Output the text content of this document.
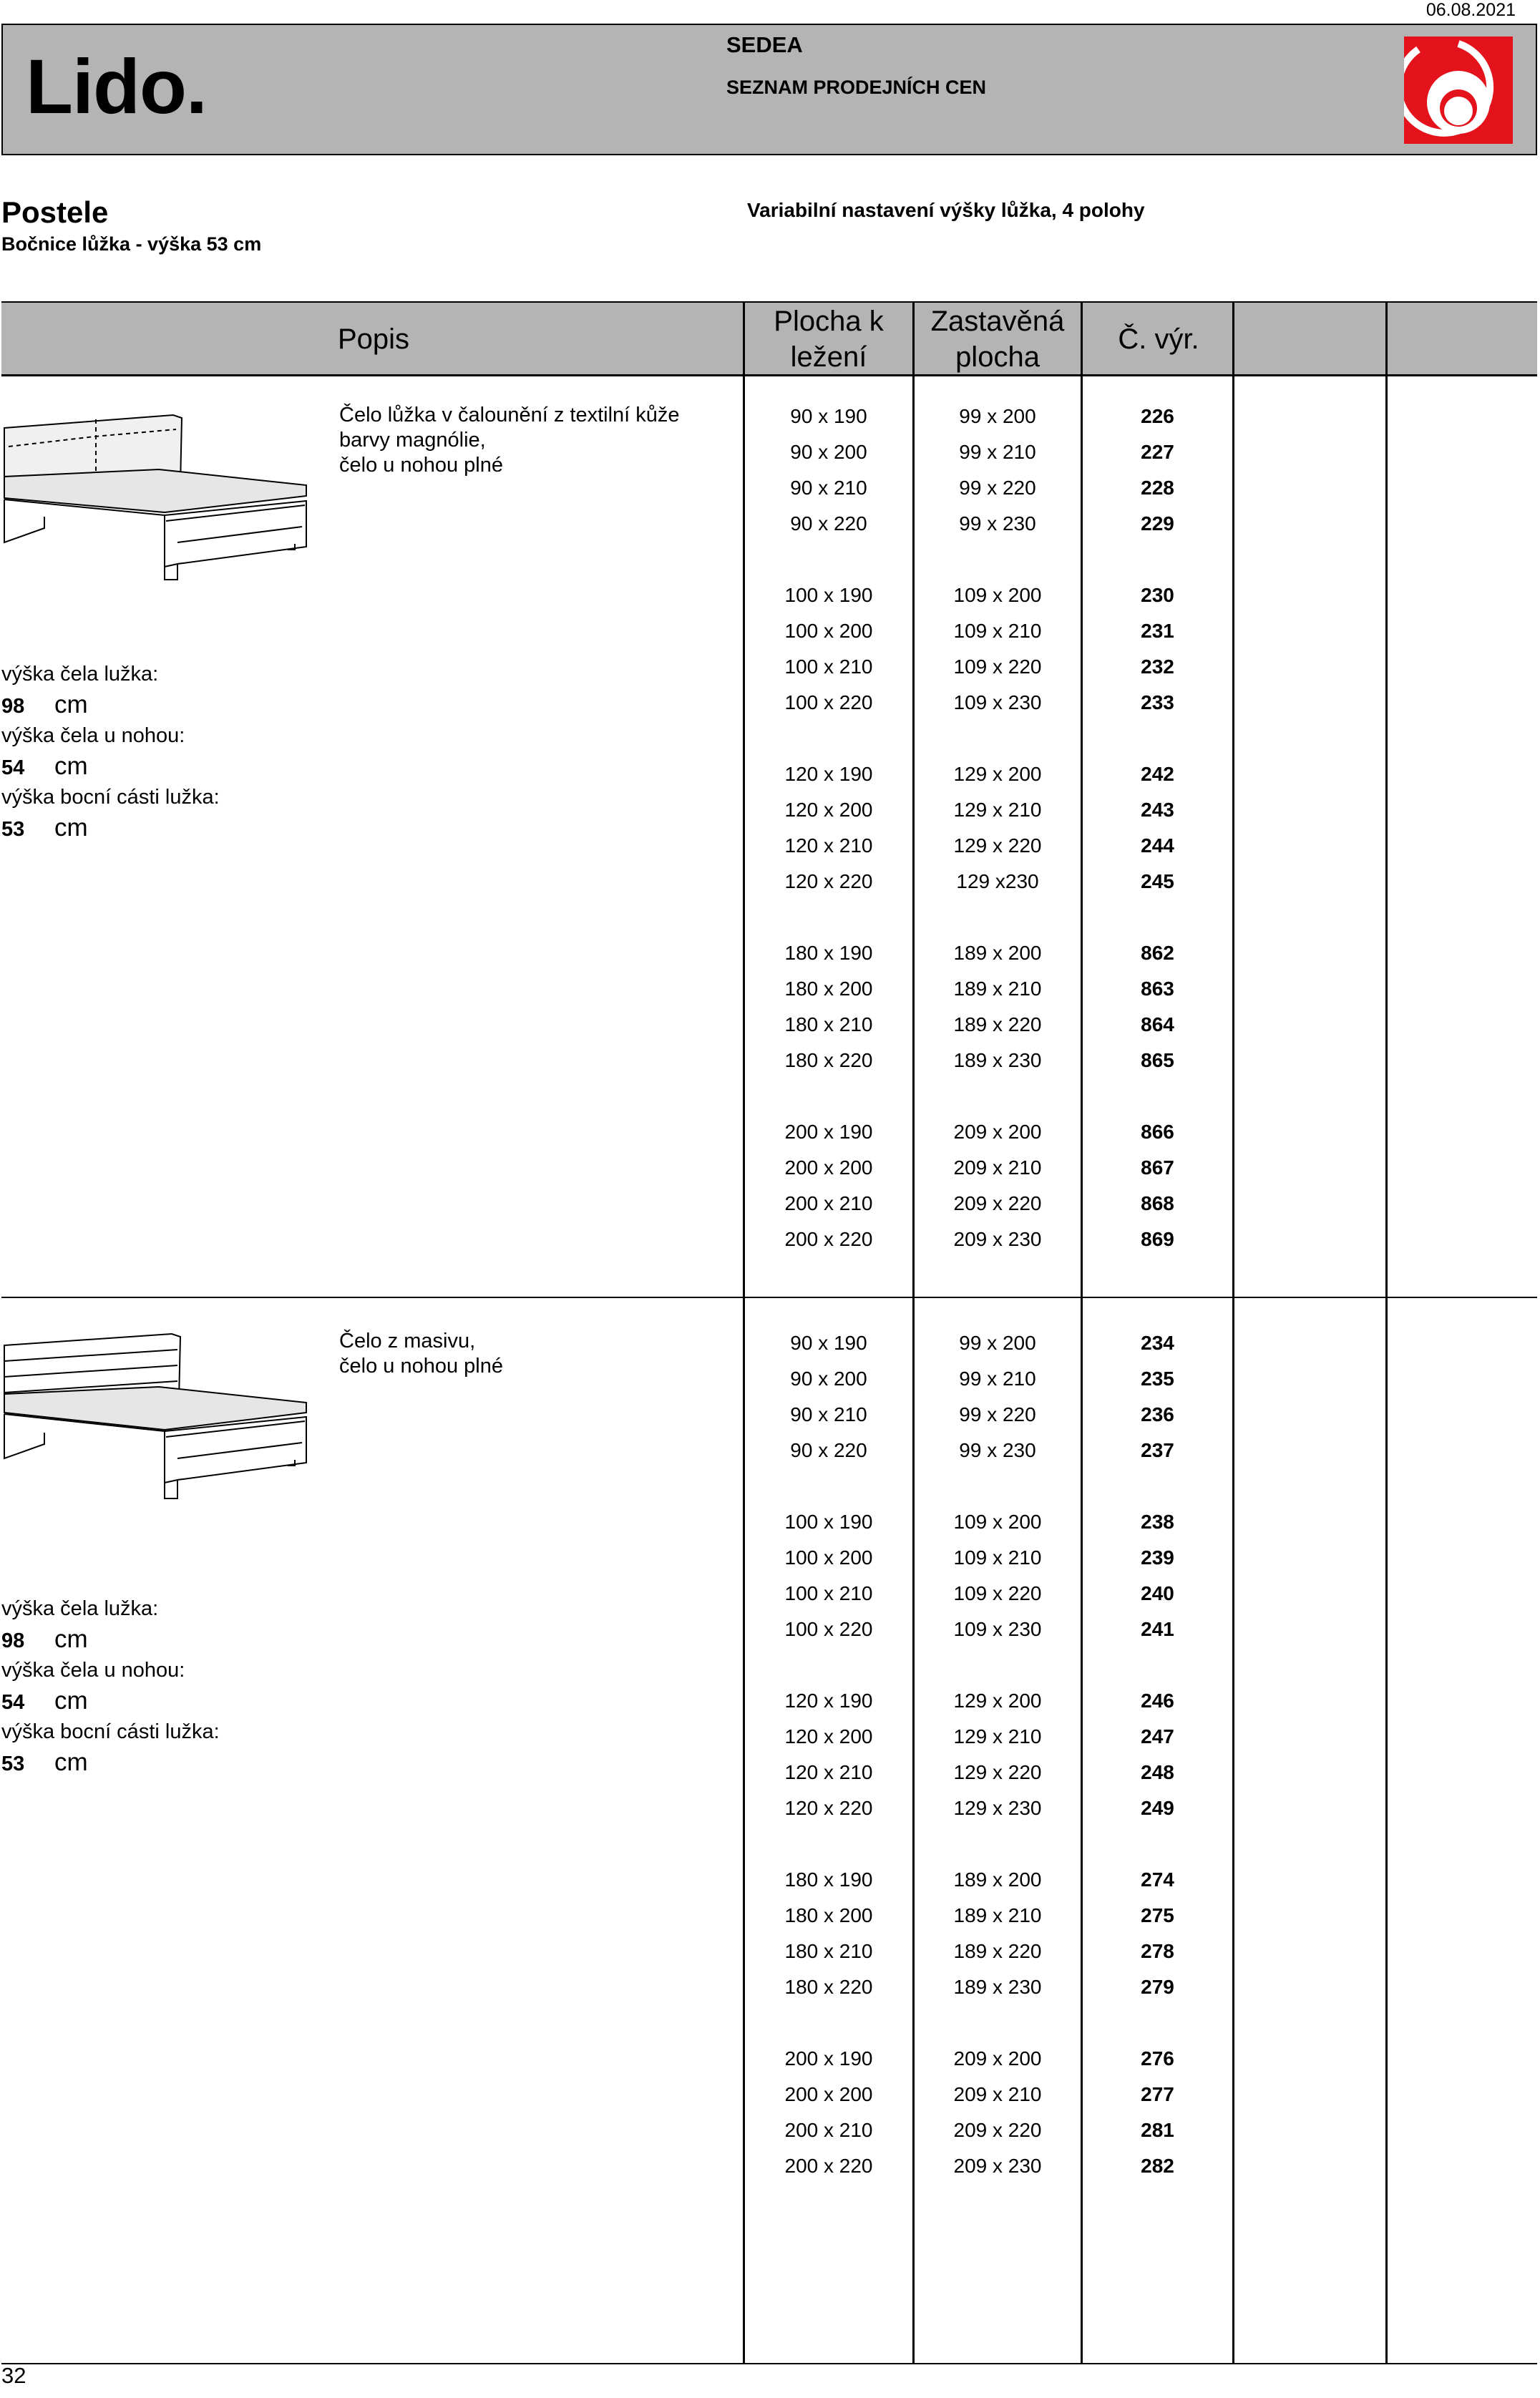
06.08.2021
Lido.	SEDEA
SEZNAM PRODEJNÍCH CEN
Postele
Bočnice lůžka - výška 53 cm
Variabilní nastavení výšky lůžka, 4 polohy
Popis
Plocha k ležení
Zastavěná plocha
Č. výr.
Čelo lůžka v čalounění z textilní kůže
barvy magnólie,
čelo u nohou plné
výška čela lužka:
98 cm
výška čela u nohou:
54 cm
výška bocní cásti lužka:
53 cm
90 x 190	99 x 200	226
90 x 200	99 x 210	227
90 x 210	99 x 220	228
90 x 220	99 x 230	229
100 x 190	109 x 200	230
100 x 200	109 x 210	231
100 x 210	109 x 220	232
100 x 220	109 x 230	233
120 x 190	129 x 200	242
120 x 200	129 x 210	243
120 x 210	129 x 220	244
120 x 220	129 x230	245
180 x 190	189 x 200	862
180 x 200	189 x 210	863
180 x 210	189 x 220	864
180 x 220	189 x 230	865
200 x 190	209 x 200	866
200 x 200	209 x 210	867
200 x 210	209 x 220	868
200 x 220	209 x 230	869
Čelo z masivu,
čelo u nohou plné
výška čela lužka:
98 cm
výška čela u nohou:
54 cm
výška bocní cásti lužka:
53 cm
90 x 190	99 x 200	234
90 x 200	99 x 210	235
90 x 210	99 x 220	236
90 x 220	99 x 230	237
100 x 190	109 x 200	238
100 x 200	109 x 210	239
100 x 210	109 x 220	240
100 x 220	109 x 230	241
120 x 190	129 x 200	246
120 x 200	129 x 210	247
120 x 210	129 x 220	248
120 x 220	129 x 230	249
180 x 190	189 x 200	274
180 x 200	189 x 210	275
180 x 210	189 x 220	278
180 x 220	189 x 230	279
200 x 190	209 x 200	276
200 x 200	209 x 210	277
200 x 210	209 x 220	281
200 x 220	209 x 230	282
32
